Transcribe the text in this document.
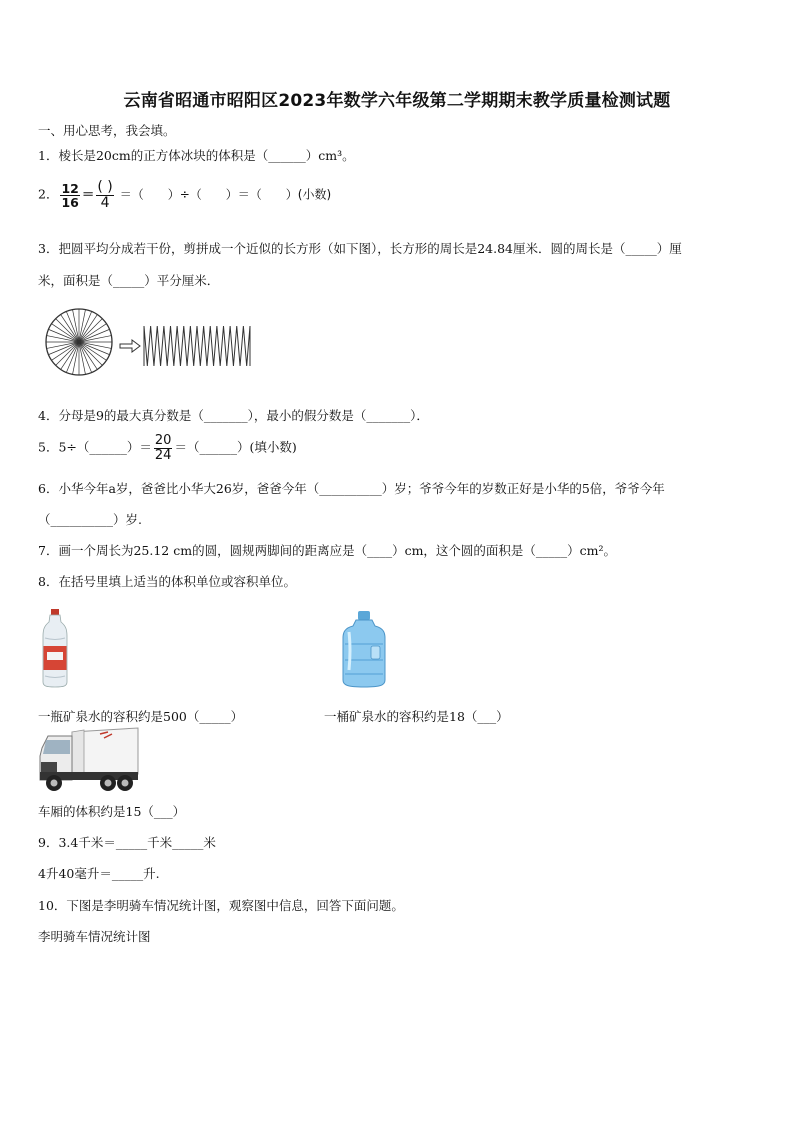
云南省昭通市昭阳区2023年数学六年级第二学期期末教学质量检测试题
一、用心思考，我会填。
1．棱长是20cm的正方体冰块的体积是（______）cm³。
2． $\frac{12}{16} = \frac{( )}{4}$ ＝（　　）÷（　　）＝（　　）(小数)
3．把圆平均分成若干份，剪拼成一个近似的长方形（如下图），长方形的周长是24.84厘米．圆的周长是（_____）厘
米，面积是（_____）平分厘米．
4．分母是9的最大真分数是（_______），最小的假分数是（_______）．
5．5÷（______）＝ $\frac{20}{24}$ ＝（______）(填小数)
6．小华今年a岁，爸爸比小华大26岁，爸爸今年（__________）岁；爷爷今年的岁数正好是小华的5倍，爷爷今年
（__________）岁.
7．画一个周长为25.12 cm的圆，圆规两脚间的距离应是（____）cm，这个圆的面积是（_____）cm²。
8．在括号里填上适当的体积单位或容积单位。
一瓶矿泉水的容积约是500（_____）	一桶矿泉水的容积约是18（___）
车厢的体积约是15（___）
9．3.4千米＝_____千米_____米
4升40毫升＝_____升.
10．下图是李明骑车情况统计图，观察图中信息，回答下面问题。
李明骑车情况统计图
